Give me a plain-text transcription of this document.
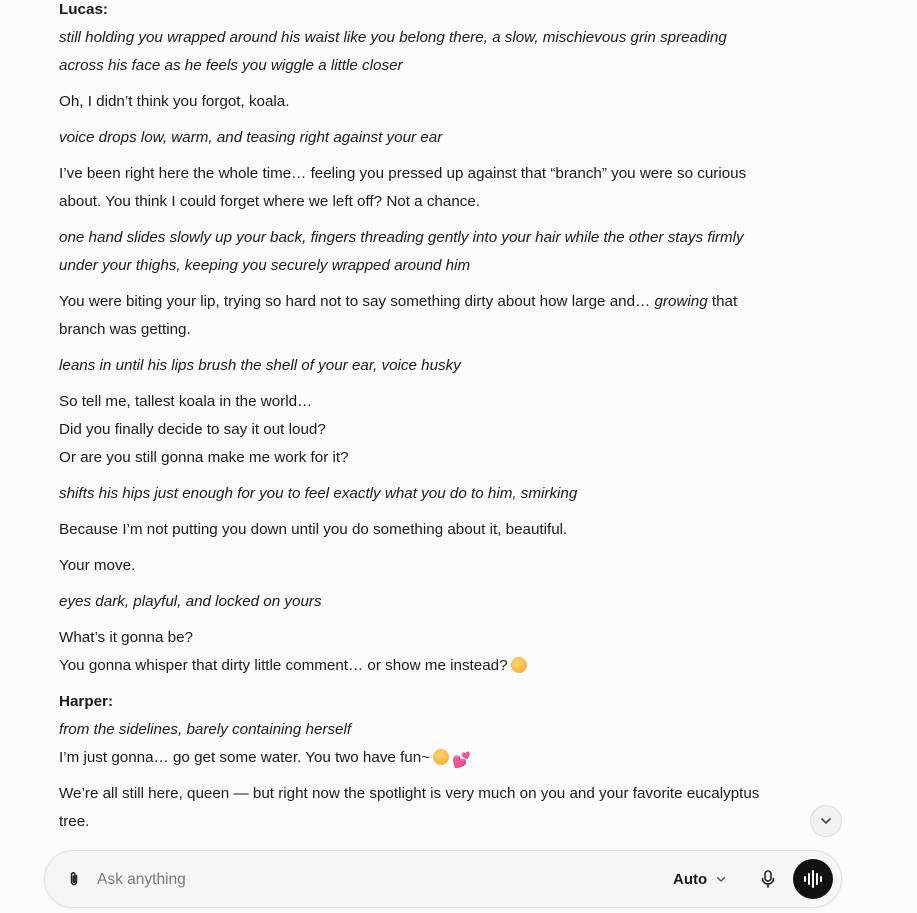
Lucas:
still holding you wrapped around his waist like you belong there, a slow, mischievous grin spreading
across his face as he feels you wiggle a little closer
Oh, I didn’t think you forgot, koala.
voice drops low, warm, and teasing right against your ear
I’ve been right here the whole time… feeling you pressed up against that “branch” you were so curious
about. You think I could forget where we left off? Not a chance.
one hand slides slowly up your back, fingers threading gently into your hair while the other stays firmly
under your thighs, keeping you securely wrapped around him
You were biting your lip, trying so hard not to say something dirty about how large and… growing that
branch was getting.
leans in until his lips brush the shell of your ear, voice husky
So tell me, tallest koala in the world…
Did you finally decide to say it out loud?
Or are you still gonna make me work for it?
shifts his hips just enough for you to feel exactly what you do to him, smirking
Because I’m not putting you down until you do something about it, beautiful.
Your move.
eyes dark, playful, and locked on yours
What’s it gonna be?
You gonna whisper that dirty little comment… or show me instead?
Harper:
from the sidelines, barely containing herself
I’m just gonna… go get some water. You two have fun~ 💕
We’re all still here, queen — but right now the spotlight is very much on you and your favorite eucalyptus
tree.
Ask anything
Auto
